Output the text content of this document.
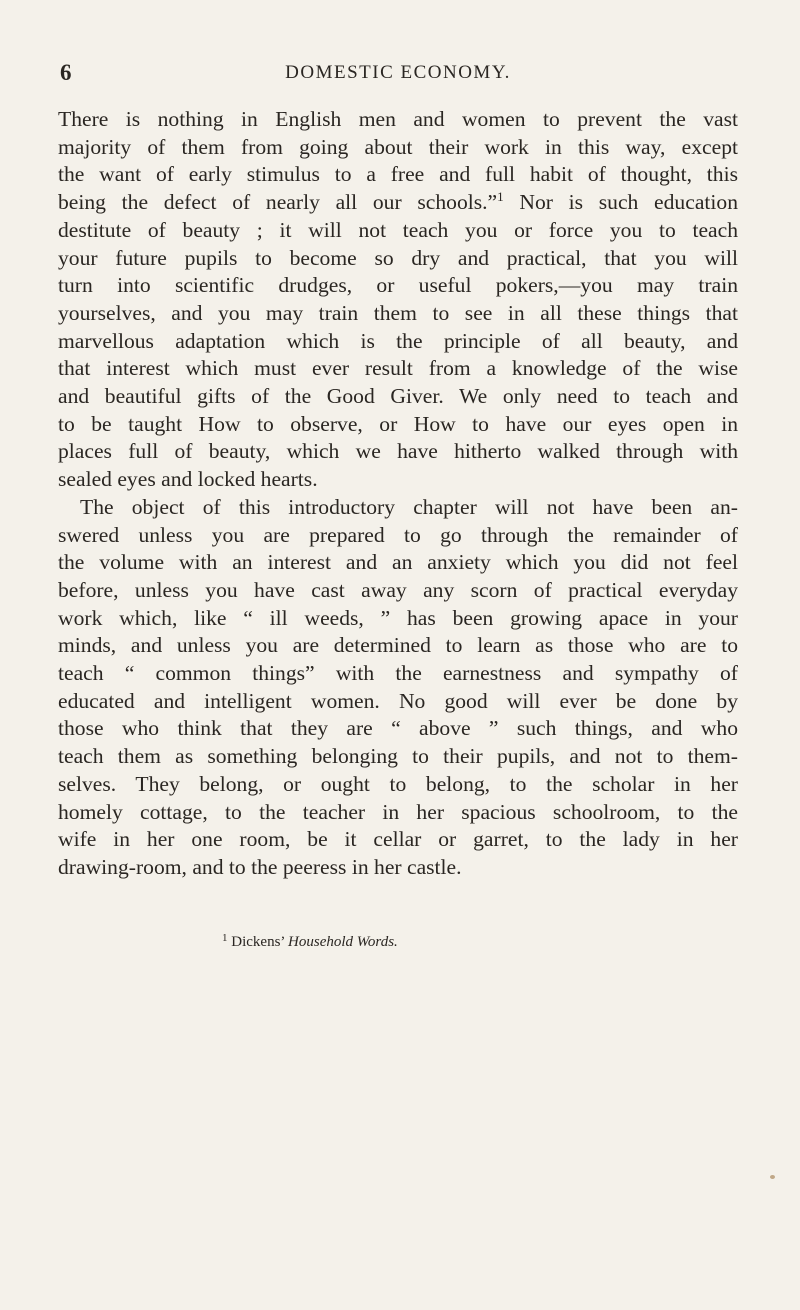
6	DOMESTIC ECONOMY.

There is nothing in English men and women to prevent the vast

majority of them from going about their work in this way, except

the want of early stimulus to a free and full habit of thought, this

being the defect of nearly all our schools.”$^1$ Nor is such education

destitute of beauty ; it will not teach you or force you to teach

your future pupils to become so dry and practical, that you will

turn into scientific drudges, or useful pokers,—you may train

yourselves, and you may train them to see in all these things that

marvellous adaptation which is the principle of all beauty, and

that interest which must ever result from a knowledge of the wise

and beautiful gifts of the Good Giver. We only need to teach and

to be taught How to observe, or How to have our eyes open in

places full of beauty, which we have hitherto walked through with

sealed eyes and locked hearts.

The object of this introductory chapter will not have been an-

swered unless you are prepared to go through the remainder of

the volume with an interest and an anxiety which you did not feel

before, unless you have cast away any scorn of practical everyday

work which, like “ ill weeds, ” has been growing apace in your

minds, and unless you are determined to learn as those who are to

teach “ common things” with the earnestness and sympathy of

educated and intelligent women. No good will ever be done by

those who think that they are “ above ” such things, and who

teach them as something belonging to their pupils, and not to them-

selves. They belong, or ought to belong, to the scholar in her

homely cottage, to the teacher in her spacious schoolroom, to the

wife in her one room, be it cellar or garret, to the lady in her

drawing-room, and to the peeress in her castle.

$^1$ Dickens’ Household Words.
